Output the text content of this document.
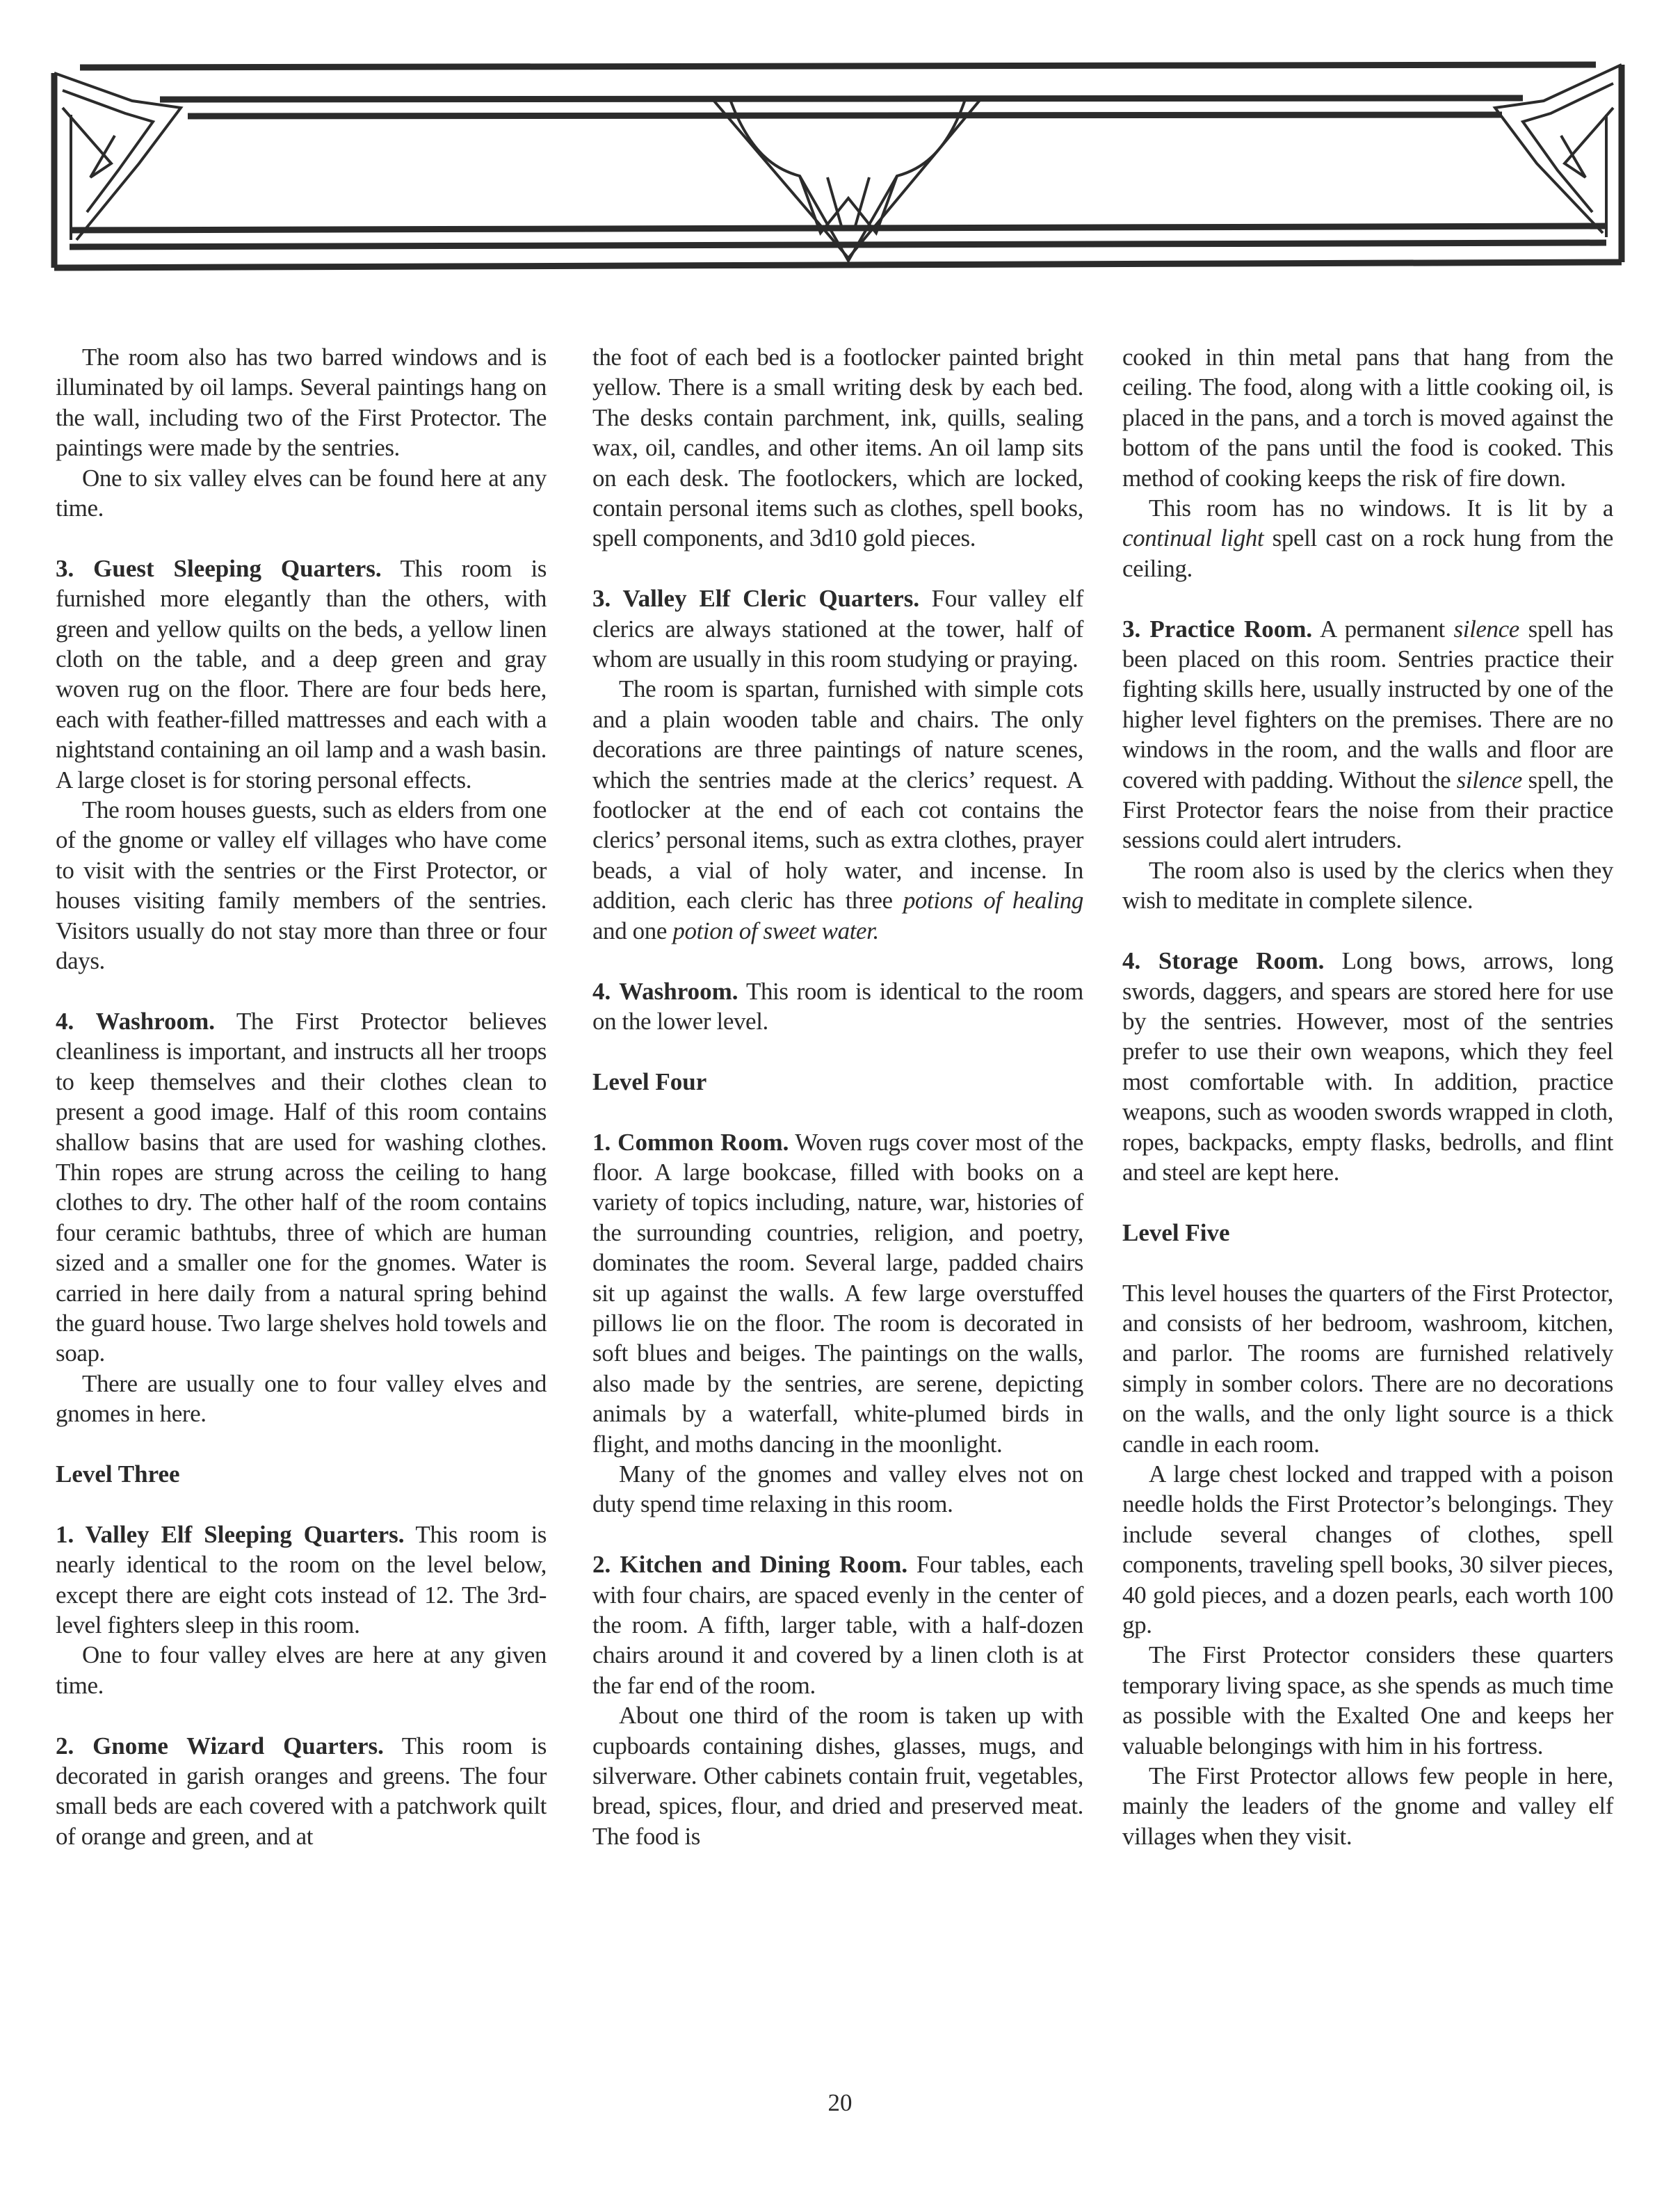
The room also has two barred windows and is illuminated by oil lamps. Several paintings hang on the wall, including two of the First Protector. The paintings were made by the sentries.

One to six valley elves can be found here at any time.

3. Guest Sleeping Quarters. This room is furnished more elegantly than the others, with green and yellow quilts on the beds, a yellow linen cloth on the table, and a deep green and gray woven rug on the floor. There are four beds here, each with feather-filled mattresses and each with a nightstand containing an oil lamp and a wash basin. A large closet is for storing personal effects.

The room houses guests, such as elders from one of the gnome or valley elf villages who have come to visit with the sentries or the First Protector, or houses visiting family members of the sentries. Visitors usually do not stay more than three or four days.

4. Washroom. The First Protector believes cleanliness is important, and instructs all her troops to keep themselves and their clothes clean to present a good image. Half of this room contains shallow basins that are used for washing clothes. Thin ropes are strung across the ceiling to hang clothes to dry. The other half of the room contains four ceramic bathtubs, three of which are human sized and a smaller one for the gnomes. Water is carried in here daily from a natural spring behind the guard house. Two large shelves hold towels and soap.

There are usually one to four valley elves and gnomes in here.

Level Three

1. Valley Elf Sleeping Quarters. This room is nearly identical to the room on the level below, except there are eight cots instead of 12. The 3rd-level fighters sleep in this room.

One to four valley elves are here at any given time.

2. Gnome Wizard Quarters. This room is decorated in garish oranges and greens. The four small beds are each covered with a patchwork quilt of orange and green, and at

the foot of each bed is a footlocker painted bright yellow. There is a small writing desk by each bed. The desks contain parchment, ink, quills, sealing wax, oil, candles, and other items. An oil lamp sits on each desk. The footlockers, which are locked, contain personal items such as clothes, spell books, spell components, and 3d10 gold pieces.

3. Valley Elf Cleric Quarters. Four valley elf clerics are always stationed at the tower, half of whom are usually in this room studying or praying.

The room is spartan, furnished with simple cots and a plain wooden table and chairs. The only decorations are three paintings of nature scenes, which the sentries made at the clerics’ request. A footlocker at the end of each cot contains the clerics’ personal items, such as extra clothes, prayer beads, a vial of holy water, and incense. In addition, each cleric has three potions of healing and one potion of sweet water.

4. Washroom. This room is identical to the room on the lower level.

Level Four

1. Common Room. Woven rugs cover most of the floor. A large bookcase, filled with books on a variety of topics including, nature, war, histories of the surrounding countries, religion, and poetry, dominates the room. Several large, padded chairs sit up against the walls. A few large overstuffed pillows lie on the floor. The room is decorated in soft blues and beiges. The paintings on the walls, also made by the sentries, are serene, depicting animals by a waterfall, white-plumed birds in flight, and moths dancing in the moonlight.

Many of the gnomes and valley elves not on duty spend time relaxing in this room.

2. Kitchen and Dining Room. Four tables, each with four chairs, are spaced evenly in the center of the room. A fifth, larger table, with a half-dozen chairs around it and covered by a linen cloth is at the far end of the room.

About one third of the room is taken up with cupboards containing dishes, glasses, mugs, and silverware. Other cabinets contain fruit, vegetables, bread, spices, flour, and dried and preserved meat. The food is

cooked in thin metal pans that hang from the ceiling. The food, along with a little cooking oil, is placed in the pans, and a torch is moved against the bottom of the pans until the food is cooked. This method of cooking keeps the risk of fire down.

This room has no windows. It is lit by a continual light spell cast on a rock hung from the ceiling.

3. Practice Room. A permanent silence spell has been placed on this room. Sentries practice their fighting skills here, usually instructed by one of the higher level fighters on the premises. There are no windows in the room, and the walls and floor are covered with padding. Without the silence spell, the First Protector fears the noise from their practice sessions could alert intruders.

The room also is used by the clerics when they wish to meditate in complete silence.

4. Storage Room. Long bows, arrows, long swords, daggers, and spears are stored here for use by the sentries. However, most of the sentries prefer to use their own weapons, which they feel most comfortable with. In addition, practice weapons, such as wooden swords wrapped in cloth, ropes, backpacks, empty flasks, bedrolls, and flint and steel are kept here.

Level Five

This level houses the quarters of the First Protector, and consists of her bedroom, washroom, kitchen, and parlor. The rooms are furnished relatively simply in somber colors. There are no decorations on the walls, and the only light source is a thick candle in each room.

A large chest locked and trapped with a poison needle holds the First Protector’s belongings. They include several changes of clothes, spell components, traveling spell books, 30 silver pieces, 40 gold pieces, and a dozen pearls, each worth 100 gp.

The First Protector considers these quarters temporary living space, as she spends as much time as possible with the Exalted One and keeps her valuable belongings with him in his fortress.

The First Protector allows few people in here, mainly the leaders of the gnome and valley elf villages when they visit.

20
